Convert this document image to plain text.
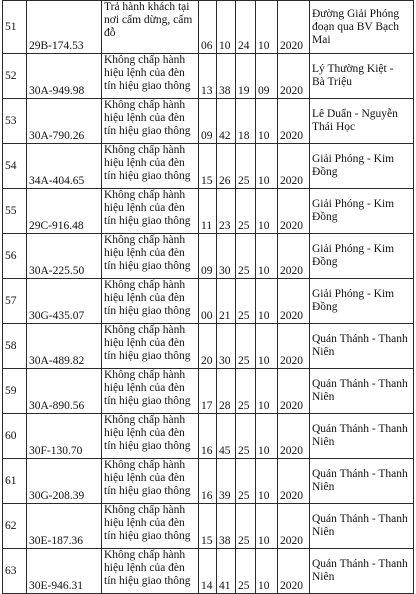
51	29B-174.53	Trả hành khách tại
nơi cấm dừng, cấm
đỗ	06	10	24	10	2020	Đường Giải Phóng
đoạn qua BV Bạch
Mai

52	30A-949.98	Không chấp hành
hiệu lệnh của đèn
tín hiệu giao thông	13	38	19	09	2020	Lý Thường Kiệt -
Bà Triệu

53	30A-790.26	Không chấp hành
hiệu lệnh của đèn
tín hiệu giao thông	09	42	18	10	2020	Lê Duẩn - Nguyễn
Thái Học

54	34A-404.65	Không chấp hành
hiệu lệnh của đèn
tín hiệu giao thông	15	26	25	10	2020	Giải Phóng - Kim
Đồng

55	29C-916.48	Không chấp hành
hiệu lệnh của đèn
tín hiệu giao thông	11	23	25	10	2020	Giải Phóng - Kim
Đồng

56	30A-225.50	Không chấp hành
hiệu lệnh của đèn
tín hiệu giao thông	09	30	25	10	2020	Giải Phóng - Kim
Đồng

57	30G-435.07	Không chấp hành
hiệu lệnh của đèn
tín hiệu giao thông	00	21	25	10	2020	Giải Phóng - Kim
Đồng

58	30A-489.82	Không chấp hành
hiệu lệnh của đèn
tín hiệu giao thông	20	30	25	10	2020	Quán Thánh - Thanh
Niên

59	30A-890.56	Không chấp hành
hiệu lệnh của đèn
tín hiệu giao thông	17	28	25	10	2020	Quán Thánh - Thanh
Niên

60	30F-130.70	Không chấp hành
hiệu lệnh của đèn
tín hiệu giao thông	16	45	25	10	2020	Quán Thánh - Thanh
Niên

61	30G-208.39	Không chấp hành
hiệu lệnh của đèn
tín hiệu giao thông	16	39	25	10	2020	Quán Thánh - Thanh
Niên

62	30E-187.36	Không chấp hành
hiệu lệnh của đèn
tín hiệu giao thông	15	38	25	10	2020	Quán Thánh - Thanh
Niên

63	30E-946.31	Không chấp hành
hiệu lệnh của đèn
tín hiệu giao thông	14	41	25	10	2020	Quán Thánh - Thanh
Niên
